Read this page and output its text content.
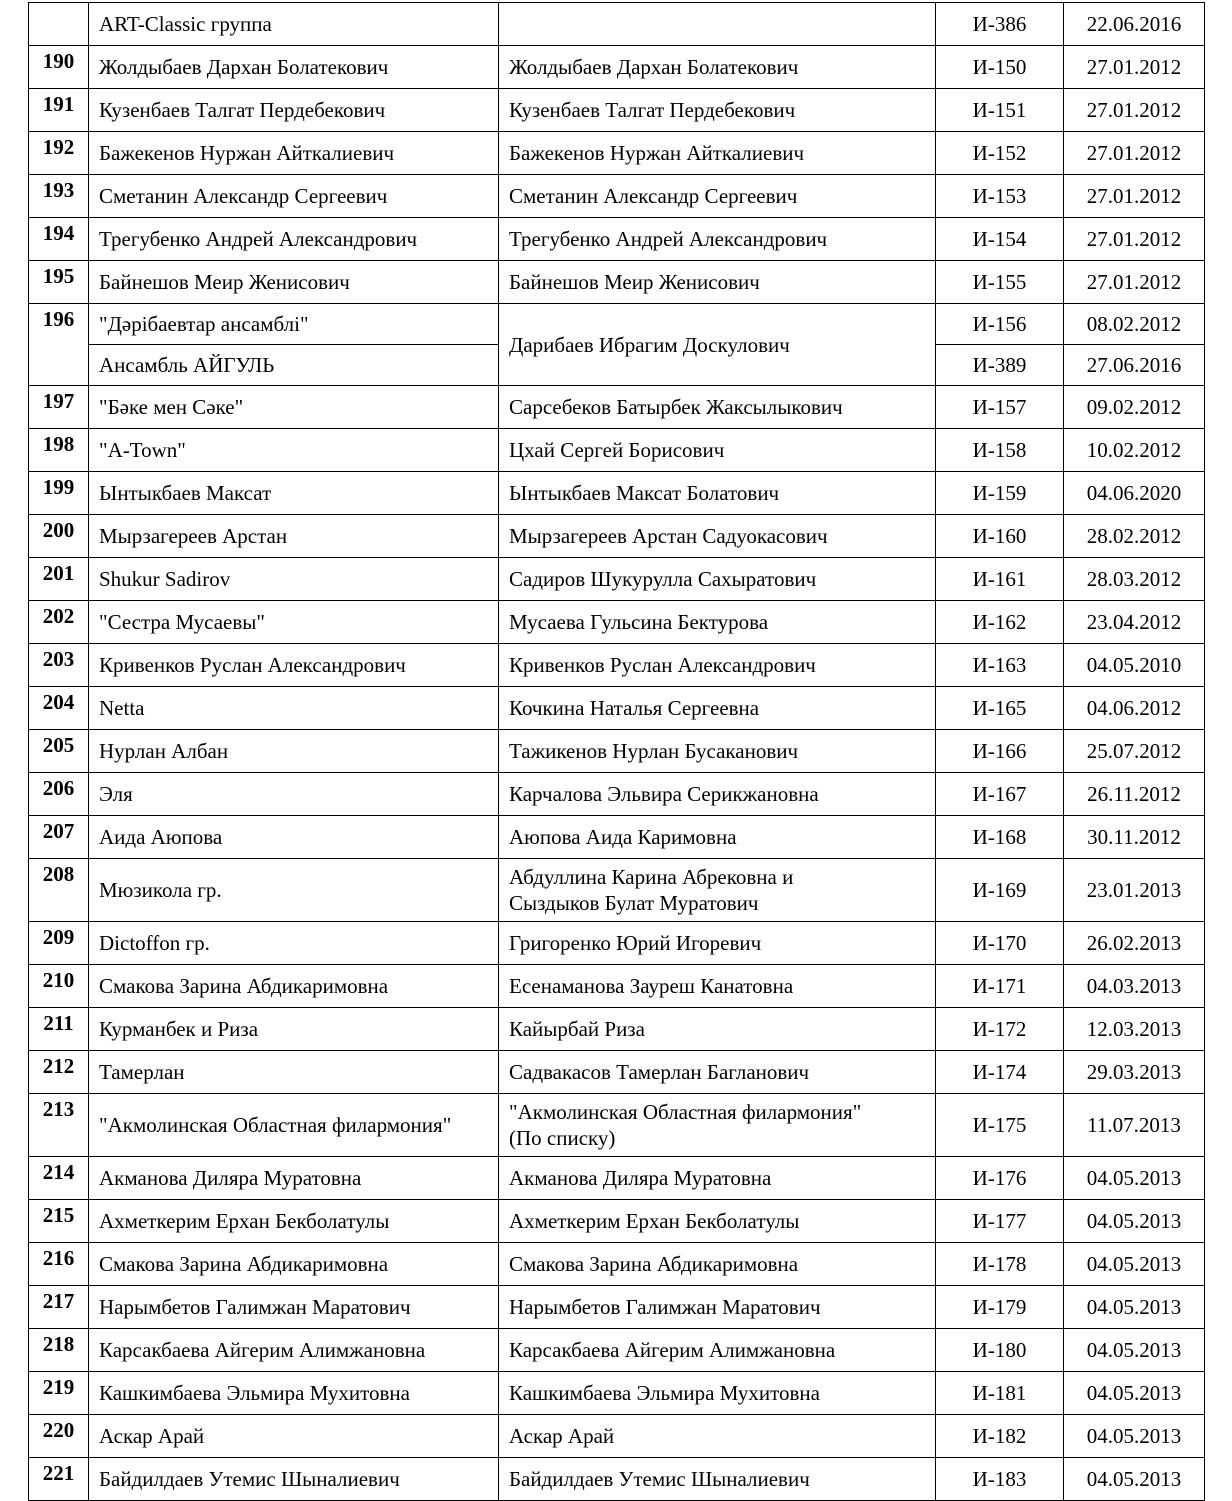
	ART-Classic группа		И-386	22.06.2016
190	Жолдыбаев Дархан Болатекович	Жолдыбаев Дархан Болатекович	И-150	27.01.2012
191	Кузенбаев Талгат Пердебекович	Кузенбаев Талгат Пердебекович	И-151	27.01.2012
192	Бажекенов Нуржан Айткалиевич	Бажекенов Нуржан Айткалиевич	И-152	27.01.2012
193	Сметанин Александр Сергеевич	Сметанин Александр Сергеевич	И-153	27.01.2012
194	Трегубенко Андрей Александрович	Трегубенко Андрей Александрович	И-154	27.01.2012
195	Байнешов Меир Женисович	Байнешов Меир Женисович	И-155	27.01.2012
196	"Дәрібаевтар ансамблі"	Дарибаев Ибрагим Доскулович	И-156	08.02.2012
	Ансамбль АЙГУЛЬ		И-389	27.06.2016
197	"Бәке мен Сәке"	Сарсебеков Батырбек Жаксылыкович	И-157	09.02.2012
198	"A-Town"	Цхай Сергей Борисович	И-158	10.02.2012
199	Ынтыкбаев Максат	Ынтыкбаев Максат Болатович	И-159	04.06.2020
200	Мырзагереев Арстан	Мырзагереев Арстан Садуокасович	И-160	28.02.2012
201	Shukur Sadirov	Садиров Шукурулла Сахыратович	И-161	28.03.2012
202	"Сестра Мусаевы"	Мусаева Гульсина Бектурова	И-162	23.04.2012
203	Кривенков Руслан Александрович	Кривенков Руслан Александрович	И-163	04.05.2010
204	Netta	Кочкина Наталья Сергеевна	И-165	04.06.2012
205	Нурлан Албан	Тажикенов Нурлан Бусаканович	И-166	25.07.2012
206	Эля	Карчалова Эльвира Серикжановна	И-167	26.11.2012
207	Аида Аюпова	Аюпова Аида Каримовна	И-168	30.11.2012
208	Мюзикола гр.	Абдуллина Карина Абрековна и
Сыздыков Булат Муратович	И-169	23.01.2013
209	Dictoffon гр.	Григоренко Юрий Игоревич	И-170	26.02.2013
210	Смакова Зарина Абдикаримовна	Есенаманова Зауреш Канатовна	И-171	04.03.2013
211	Курманбек и Риза	Кайырбай Риза	И-172	12.03.2013
212	Тамерлан	Садвакасов Тамерлан Багланович	И-174	29.03.2013
213	"Акмолинская Областная филармония"	"Акмолинская Областная филармония"
(По списку)	И-175	11.07.2013
214	Акманова Диляра Муратовна	Акманова Диляра Муратовна	И-176	04.05.2013
215	Ахметкерим Ерхан Бекболатулы	Ахметкерим Ерхан Бекболатулы	И-177	04.05.2013
216	Смакова Зарина Абдикаримовна	Смакова Зарина Абдикаримовна	И-178	04.05.2013
217	Нарымбетов Галимжан Маратович	Нарымбетов Галимжан Маратович	И-179	04.05.2013
218	Карсакбаева Айгерим Алимжановна	Карсакбаева Айгерим Алимжановна	И-180	04.05.2013
219	Кашкимбаева Эльмира Мухитовна	Кашкимбаева Эльмира Мухитовна	И-181	04.05.2013
220	Аскар Арай	Аскар Арай	И-182	04.05.2013
221	Байдилдаев Утемис Шыналиевич	Байдилдаев Утемис Шыналиевич	И-183	04.05.2013
